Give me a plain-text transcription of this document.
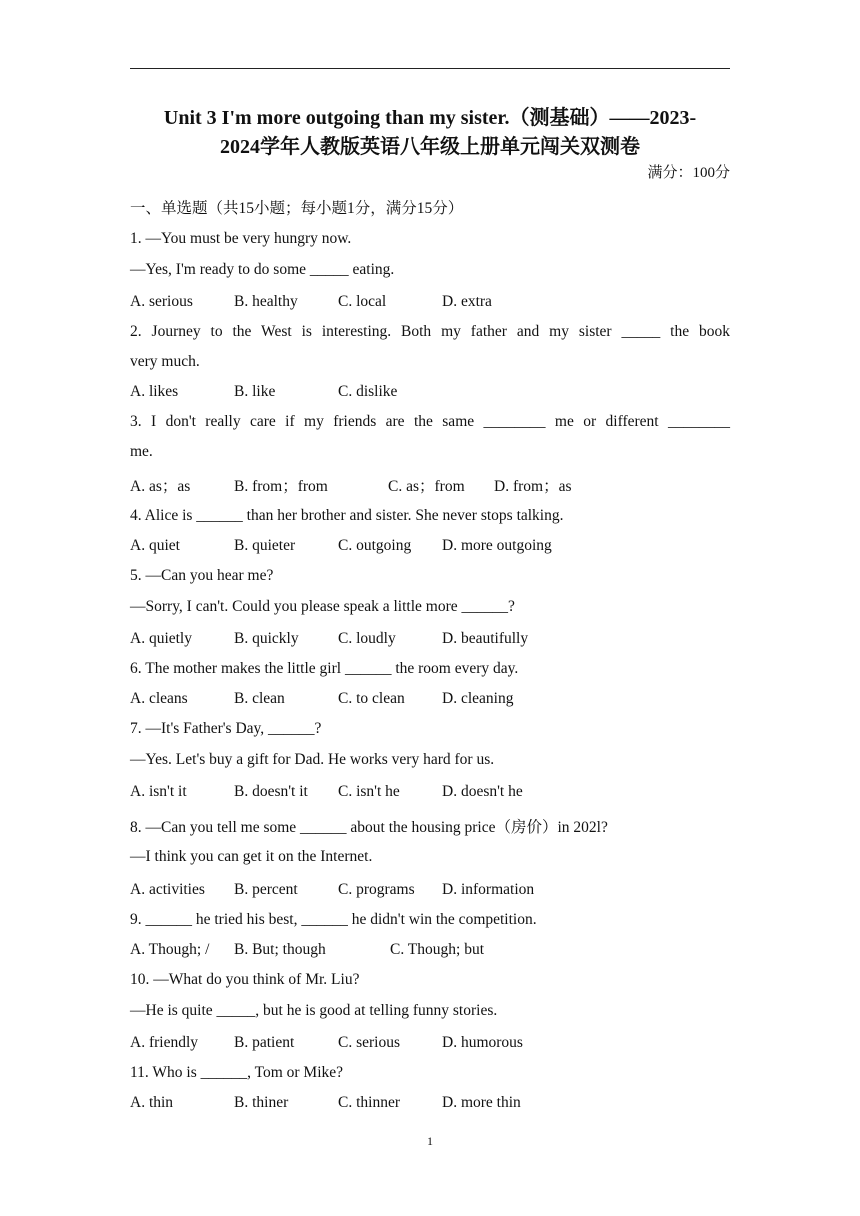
Unit 3 I'm more outgoing than my sister.（测基础）——2023-
2024学年人教版英语八年级上册单元闯关双测卷
满分：100分
一、单选题（共15小题；每小题1分，满分15分）
1. —You must be very hungry now.
—Yes, I'm ready to do some _____ eating.
A. serious	B. healthy	C. local	D. extra
2. Journey to the West is interesting. Both my father and my sister _____ the book
very much.
A. likes	B. like	C. dislike
3. I don't really care if my friends are the same ________ me or different ________
me.
A. as；as	B. from；from	C. as；from D. from；as
4. Alice is ______ than her brother and sister. She never stops talking.
A. quiet	B. quieter	C. outgoing D. more outgoing
5. —Can you hear me?
—Sorry, I can't. Could you please speak a little more ______?
A. quietly	B. quickly	C. loudly	D. beautifully
6. The mother makes the little girl ______ the room every day.
A. cleans	B. clean	C. to clean D. cleaning
7. —It's Father's Day, ______?
—Yes. Let's buy a gift for Dad. He works very hard for us.
A. isn't it	B. doesn't it C. isn't he	D. doesn't he
8. —Can you tell me some ______ about the housing price（房价）in 202l?
—I think you can get it on the Internet.
A. activities B. percent	C. programs D. information
9. ______ he tried his best, ______ he didn't win the competition.
A. Though; / B. But; though	C. Though; but
10. —What do you think of Mr. Liu?
—He is quite _____, but he is good at telling funny stories.
A. friendly B. patient	C. serious	D. humorous
11. Who is ______, Tom or Mike?
A. thin	B. thiner	C. thinner	D. more thin
1
